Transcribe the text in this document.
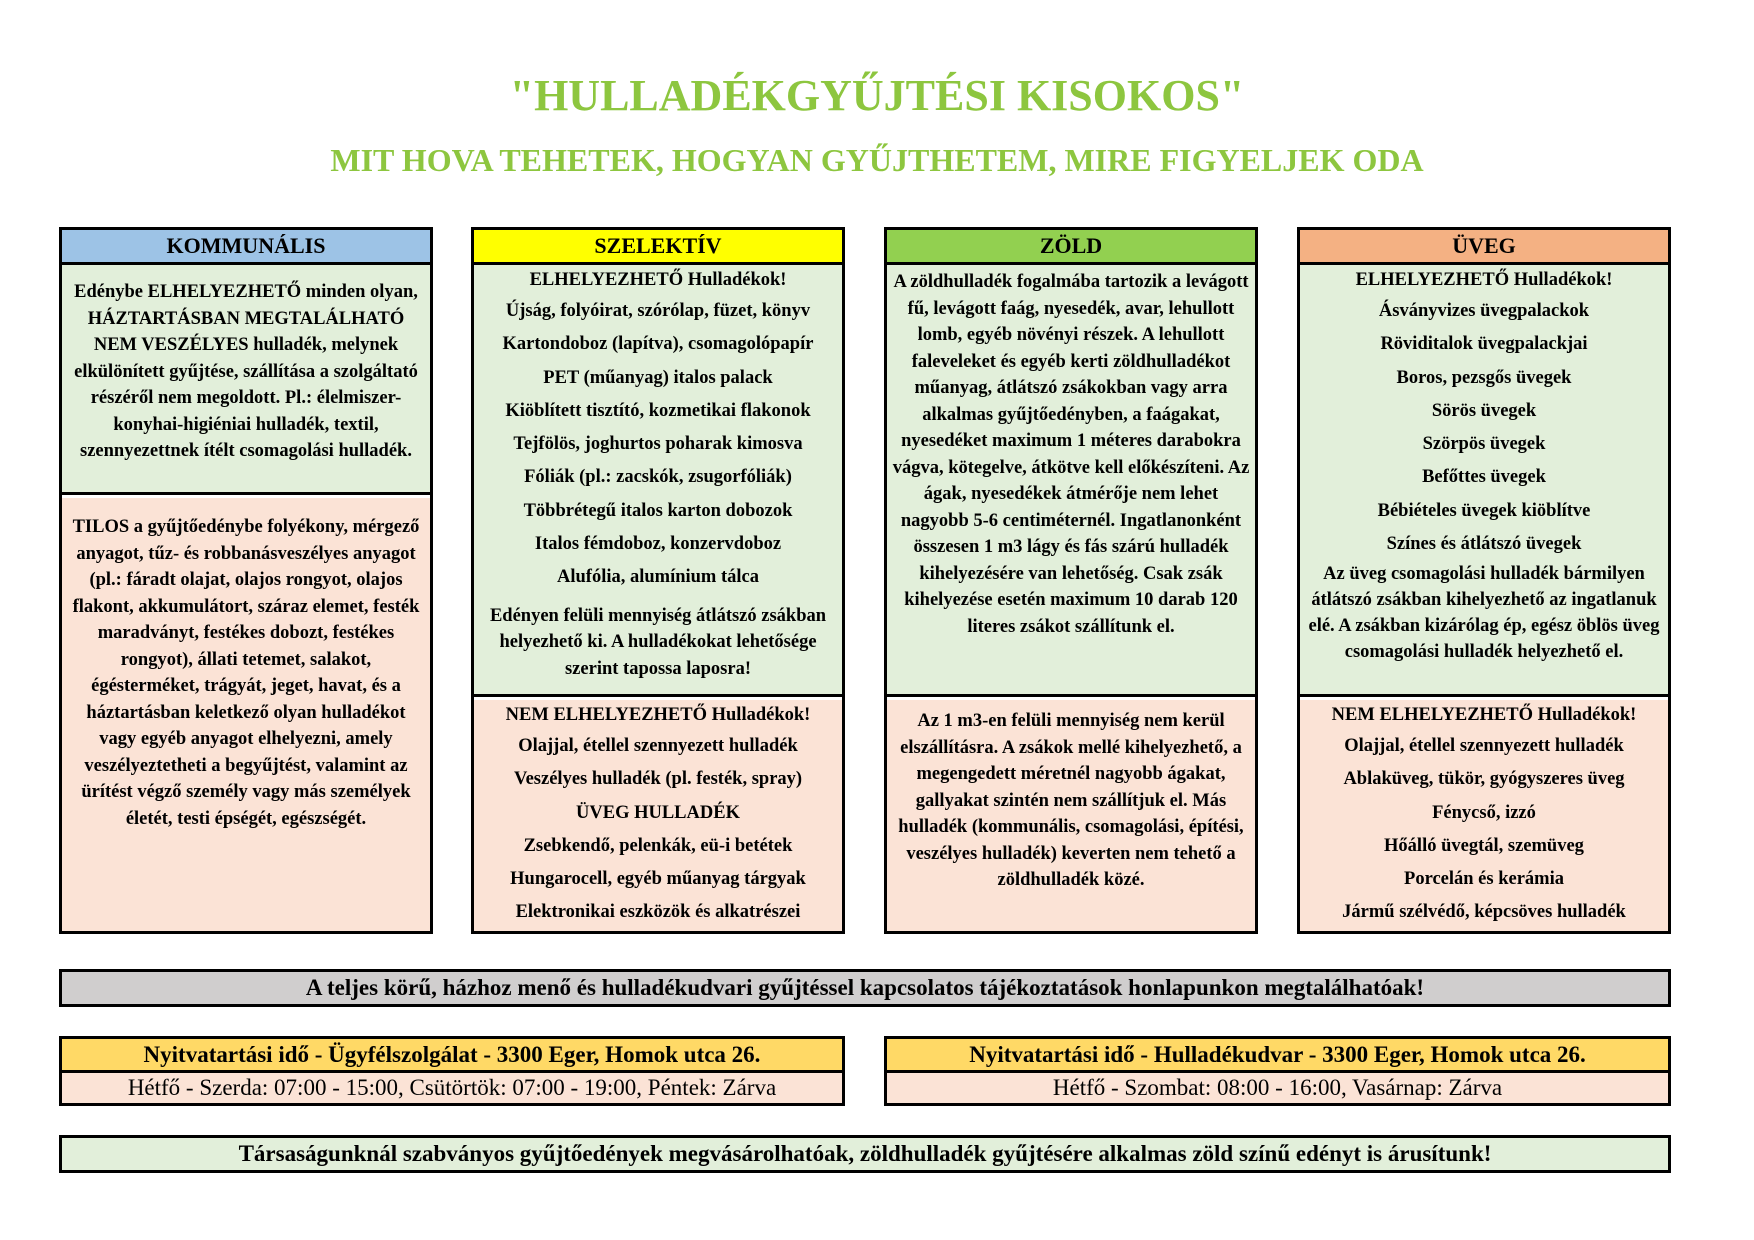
"HULLADÉKGYŰJTÉSI KISOKOS"
MIT HOVA TEHETEK, HOGYAN GYŰJTHETEM, MIRE FIGYELJEK ODA
KOMMUNÁLIS
Edénybe ELHELYEZHETŐ minden olyan, HÁZTARTÁSBAN MEGTALÁLHATÓ NEM VESZÉLYES hulladék, melynek elkülönített gyűjtése, szállítása a szolgáltató részéről nem megoldott. Pl.: élelmiszer-konyhai-higiéniai hulladék, textil, szennyezettnek ítélt csomagolási hulladék.
TILOS a gyűjtőedénybe folyékony, mérgező anyagot, tűz- és robbanásveszélyes anyagot (pl.: fáradt olajat, olajos rongyot, olajos flakont, akkumulátort, száraz elemet, festék maradványt, festékes dobozt, festékes rongyot), állati tetemet, salakot, égésterméket, trágyát, jeget, havat, és a háztartásban keletkező olyan hulladékot vagy egyéb anyagot elhelyezni, amely veszélyeztetheti a begyűjtést, valamint az ürítést végző személy vagy más személyek életét, testi épségét, egészségét.
SZELEKTÍV
ELHELYEZHETŐ Hulladékok!
Újság, folyóirat, szórólap, füzet, könyv
Kartondoboz (lapítva), csomagolópapír
PET (műanyag) italos palack
Kiöblített tisztító, kozmetikai flakonok
Tejfölös, joghurtos poharak kimosva
Fóliák (pl.: zacskók, zsugorfóliák)
Többrétegű italos karton dobozok
Italos fémdoboz, konzervdoboz
Alufólia, alumínium tálca
Edényen felüli mennyiség átlátszó zsákban helyezhető ki. A hulladékokat lehetősége szerint tapossa laposra!
NEM ELHELYEZHETŐ Hulladékok!
Olajjal, étellel szennyezett hulladék
Veszélyes hulladék (pl. festék, spray)
ÜVEG HULLADÉK
Zsebkendő, pelenkák, eü-i betétek
Hungarocell, egyéb műanyag tárgyak
Elektronikai eszközök és alkatrészei
ZÖLD
A zöldhulladék fogalmába tartozik a levágott fű, levágott faág, nyesedék, avar, lehullott lomb, egyéb növényi részek. A lehullott faleveleket és egyéb kerti zöldhulladékot műanyag, átlátszó zsákokban vagy arra alkalmas gyűjtőedényben, a faágakat, nyesedéket maximum 1 méteres darabokra vágva, kötegelve, átkötve kell előkészíteni. Az ágak, nyesedékek átmérője nem lehet nagyobb 5-6 centiméternél. Ingatlanonként összesen 1 m3 lágy és fás szárú hulladék kihelyezésére van lehetőség. Csak zsák kihelyezése esetén maximum 10 darab 120 literes zsákot szállítunk el.
Az 1 m3-en felüli mennyiség nem kerül elszállításra. A zsákok mellé kihelyezhető, a megengedett méretnél nagyobb ágakat, gallyakat szintén nem szállítjuk el. Más hulladék (kommunális, csomagolási, építési, veszélyes hulladék) keverten nem tehető a zöldhulladék közé.
ÜVEG
ELHELYEZHETŐ Hulladékok!
Ásványvizes üvegpalackok
Röviditalok üvegpalackjai
Boros, pezsgős üvegek
Sörös üvegek
Szörpös üvegek
Befőttes üvegek
Bébiételes üvegek kiöblítve
Színes és átlátszó üvegek
Az üveg csomagolási hulladék bármilyen átlátszó zsákban kihelyezhető az ingatlanuk elé. A zsákban kizárólag ép, egész öblös üveg csomagolási hulladék helyezhető el.
NEM ELHELYEZHETŐ Hulladékok!
Olajjal, étellel szennyezett hulladék
Ablaküveg, tükör, gyógyszeres üveg
Fénycső, izzó
Hőálló üvegtál, szemüveg
Porcelán és kerámia
Jármű szélvédő, képcsöves hulladék
A teljes körű, házhoz menő és hulladékudvari gyűjtéssel kapcsolatos tájékoztatások honlapunkon megtalálhatóak!
Nyitvatartási idő - Ügyfélszolgálat - 3300 Eger, Homok utca 26.
Hétfő - Szerda: 07:00 - 15:00, Csütörtök: 07:00 - 19:00, Péntek: Zárva
Nyitvatartási idő - Hulladékudvar - 3300 Eger, Homok utca 26.
Hétfő - Szombat: 08:00 - 16:00, Vasárnap: Zárva
Társaságunknál szabványos gyűjtőedények megvásárolhatóak, zöldhulladék gyűjtésére alkalmas zöld színű edényt is árusítunk!
